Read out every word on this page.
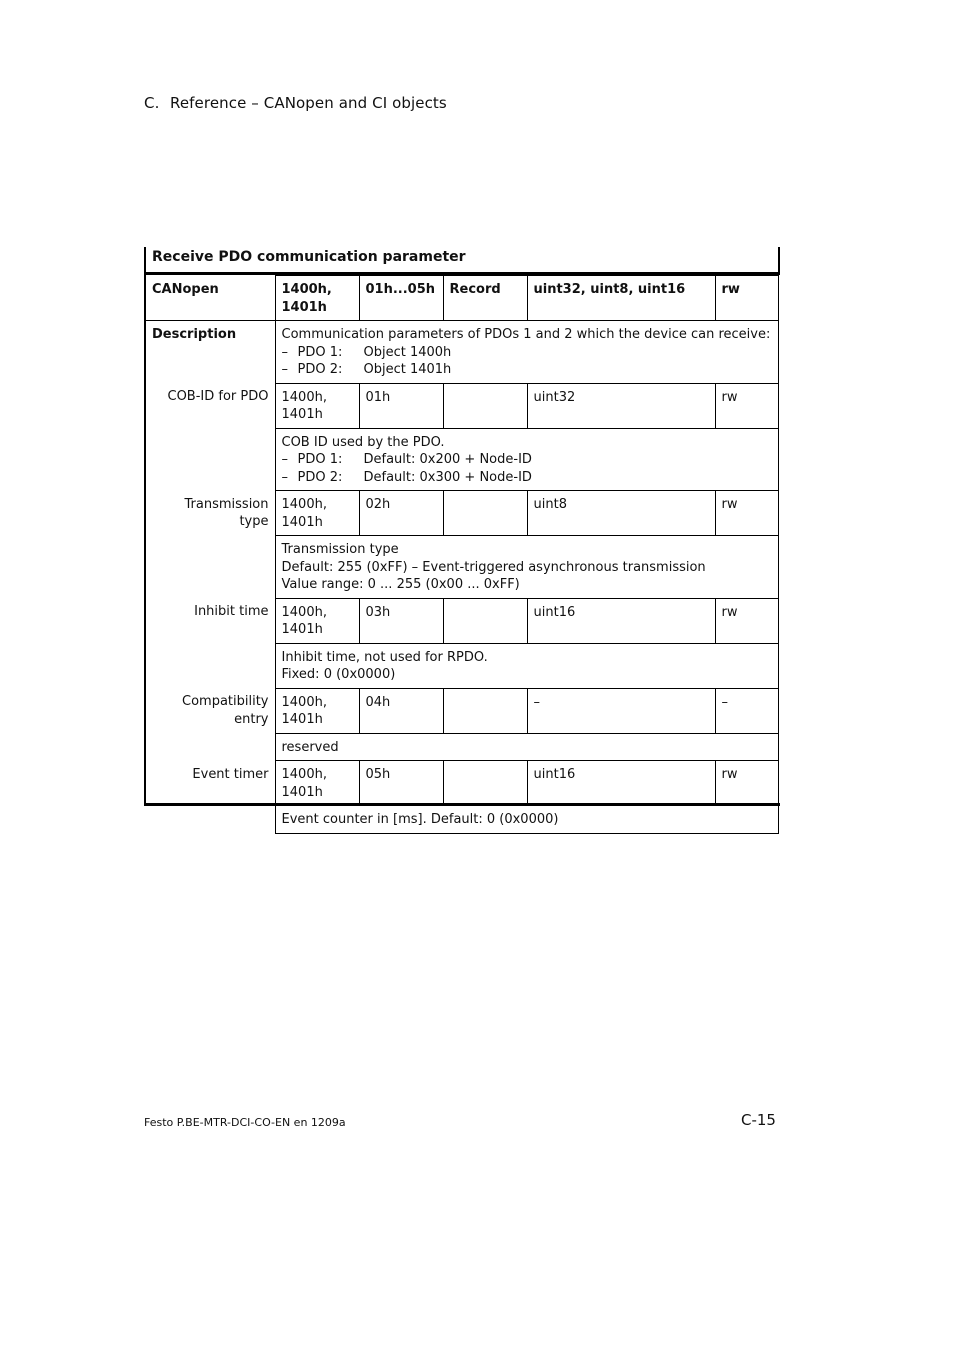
C. Reference – CANopen and CI objects
Receive PDO communication parameter
CANopen	1400h,
1401h	01h...05h	Record	uint32, uint8, uint16	rw
Description	Communication parameters of PDOs 1 and 2 which the device can receive:
– PDO 1: Object 1400h
– PDO 2: Object 1401h				

COB-ID for PDO	1400h,
1401h	01h		uint32	rw

	COB ID used by the PDO.
– PDO 1: Default: 0x200 + Node-ID
– PDO 2: Default: 0x300 + Node-ID				

Transmission type	1400h,
1401h	02h		uint8	rw

	Transmission type
Default: 255 (0xFF) – Event-triggered asynchronous transmission
Value range: 0 ... 255 (0x00 ... 0xFF)				

Inhibit time	1400h,
1401h	03h		uint16	rw

	Inhibit time, not used for RPDO.
Fixed: 0 (0x0000)				

Compatibility entry	1400h,
1401h	04h		–	–
	reserved				
Event timer	1400h,
1401h	05h		uint16	rw
	Event counter in [ms]. Default: 0 (0x0000)				
Festo P.BE-MTR-DCI-CO-EN en 1209a	C-15
